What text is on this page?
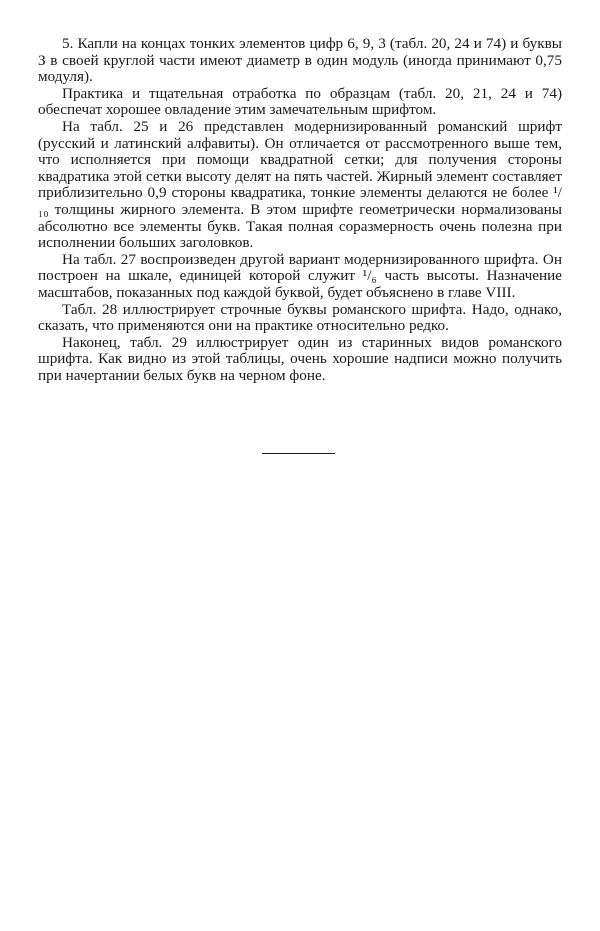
5. Капли на концах тонких элементов цифр 6, 9, 3 (табл. 20, 24 и 74) и буквы З в своей круглой части имеют диаметр в один модуль (иногда принимают 0,75 модуля).

Практика и тщательная отработка по образцам (табл. 20, 21, 24 и 74) обеспечат хорошее овладение этим замечательным шрифтом.

На табл. 25 и 26 представлен модернизированный романский шрифт (русский и латинский алфавиты). Он отличается от рассмотренного выше тем, что исполняется при помощи квадратной сетки; для получения стороны квадратика этой сетки высоту делят на пять частей. Жирный элемент составляет приблизительно 0,9 стороны квадратика, тонкие элементы делаются не более ¹/₁₀ толщины жирного элемента. В этом шрифте геометрически нормализованы абсолютно все элементы букв. Такая полная соразмерность очень полезна при исполнении больших заголовков.

На табл. 27 воспроизведен другой вариант модернизированного шрифта. Он построен на шкале, единицей которой служит ¹/₆ часть высоты. Назначение масштабов, показанных под каждой буквой, будет объяснено в главе VIII.

Табл. 28 иллюстрирует строчные буквы романского шрифта. Надо, однако, сказать, что применяются они на практике относительно редко.

Наконец, табл. 29 иллюстрирует один из старинных видов романского шрифта. Как видно из этой таблицы, очень хорошие надписи можно получить при начертании белых букв на черном фоне.
